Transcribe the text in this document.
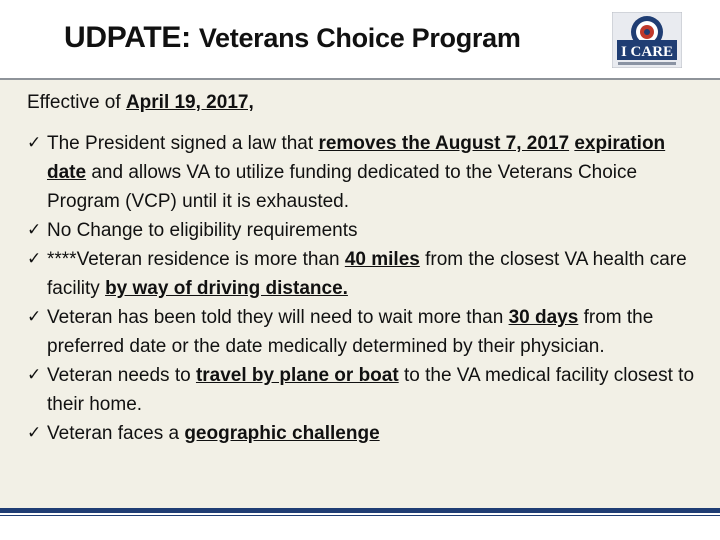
UDPATE: Veterans Choice Program	I CARE
Effective of April 19, 2017,
✓ The President signed a law that removes the August 7, 2017 expiration date and allows VA to utilize funding dedicated to the Veterans Choice Program (VCP) until it is exhausted.
✓ No Change to eligibility requirements
✓ ****Veteran residence is more than 40 miles from the closest VA health care facility by way of driving distance.
✓ Veteran has been told they will need to wait more than 30 days from the preferred date or the date medically determined by their physician.
✓ Veteran needs to travel by plane or boat to the VA medical facility closest to their home.
✓ Veteran faces a geographic challenge
